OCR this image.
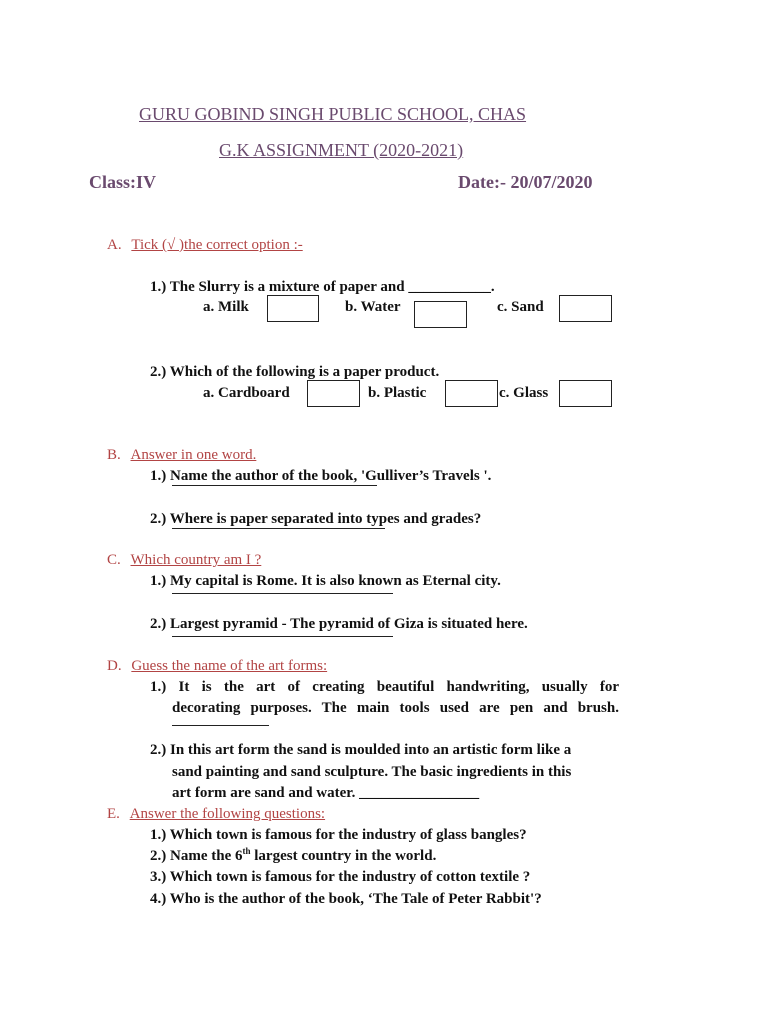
GURU GOBIND SINGH PUBLIC SCHOOL, CHAS
G.K ASSIGNMENT (2020-2021)
Class:IV	Date:- 20/07/2020
A. Tick (√ )the correct option :-
1.) The Slurry is a mixture of paper and ___________.
a. Milk	b. Water	c. Sand
2.) Which of the following is a paper product.
a. Cardboard	b. Plastic	c. Glass
B. Answer in one word.
1.) Name the author of the book, 'Gulliver’s Travels '.
2.) Where is paper separated into types and grades?
C. Which country am I ?
1.) My capital is Rome. It is also known as Eternal city.
2.) Largest pyramid - The pyramid of Giza is situated here.
D. Guess the name of the art forms:
1.) It is the art of creating beautiful handwriting, usually for
decorating purposes. The main tools used are pen and brush.
2.) In this art form the sand is moulded into an artistic form like a
sand painting and sand sculpture. The basic ingredients in this
art form are sand and water. ________________
E. Answer the following questions:
1.) Which town is famous for the industry of glass bangles?
2.) Name the 6th largest country in the world.
3.) Which town is famous for the industry of cotton textile ?
4.) Who is the author of the book, ‘The Tale of Peter Rabbit'?
